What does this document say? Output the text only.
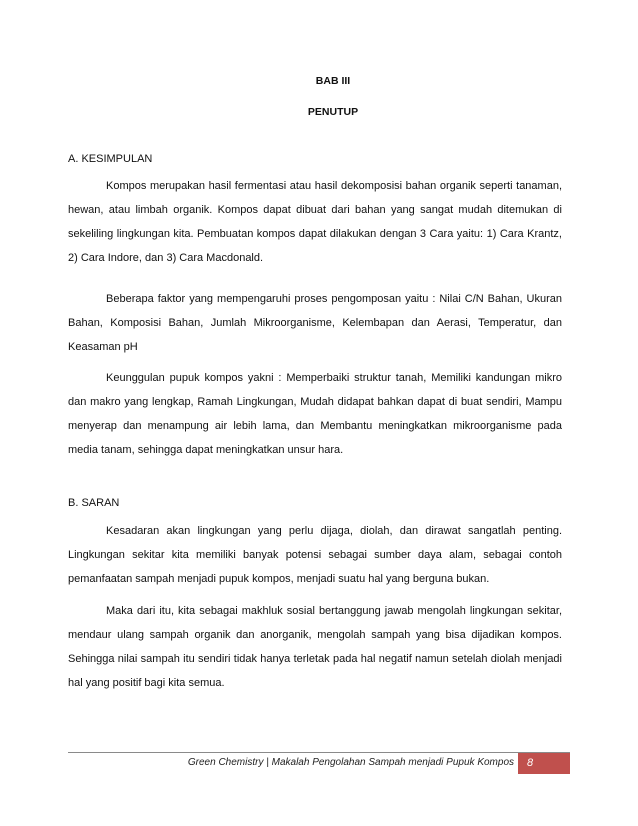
BAB III
PENUTUP
A. KESIMPULAN
Kompos merupakan hasil fermentasi atau hasil dekomposisi bahan organik seperti tanaman, hewan, atau limbah organik. Kompos dapat dibuat dari bahan yang sangat mudah ditemukan di sekeliling lingkungan kita. Pembuatan kompos dapat dilakukan dengan 3 Cara yaitu: 1) Cara Krantz, 2) Cara Indore, dan 3) Cara Macdonald.
Beberapa faktor yang mempengaruhi proses pengomposan yaitu : Nilai C/N Bahan, Ukuran Bahan, Komposisi Bahan, Jumlah Mikroorganisme, Kelembapan dan Aerasi, Temperatur, dan Keasaman pH
Keunggulan pupuk kompos yakni : Memperbaiki struktur tanah, Memiliki kandungan mikro dan makro yang lengkap, Ramah Lingkungan, Mudah didapat bahkan dapat di buat sendiri, Mampu menyerap dan menampung air lebih lama, dan Membantu meningkatkan mikroorganisme pada media tanam, sehingga dapat meningkatkan unsur hara.
B. SARAN
Kesadaran akan lingkungan yang perlu dijaga, diolah, dan dirawat sangatlah penting. Lingkungan sekitar kita memiliki banyak potensi sebagai sumber daya alam, sebagai contoh pemanfaatan sampah menjadi pupuk kompos, menjadi suatu hal yang berguna bukan.
Maka dari itu, kita sebagai makhluk sosial bertanggung jawab mengolah lingkungan sekitar, mendaur ulang sampah organik dan anorganik, mengolah sampah yang bisa dijadikan kompos. Sehingga nilai sampah itu sendiri tidak hanya terletak pada hal negatif namun setelah diolah menjadi hal yang positif bagi kita semua.
Green Chemistry | Makalah Pengolahan Sampah menjadi Pupuk Kompos	8
